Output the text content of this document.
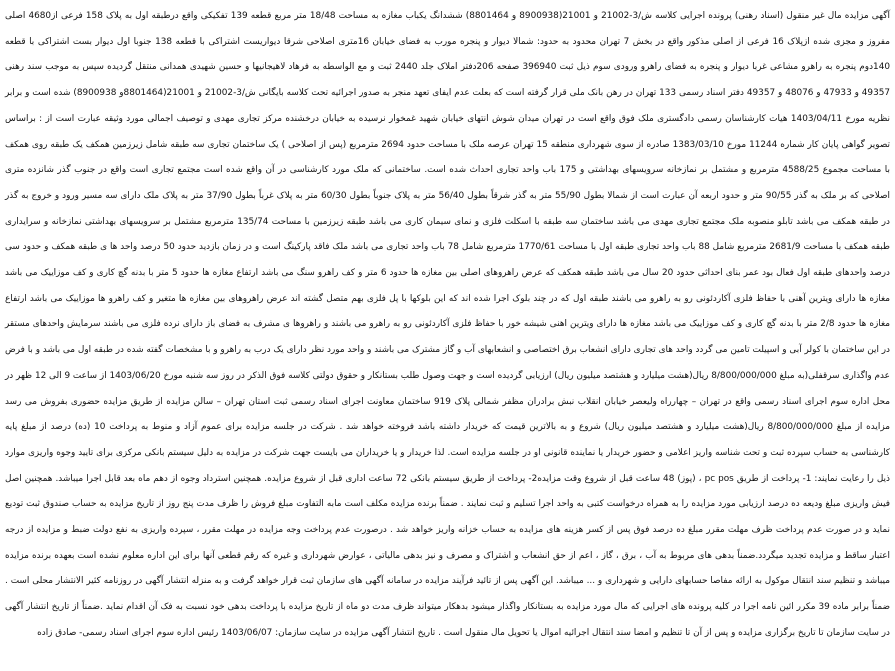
آگهی مزایده مال غیر منقول (اسناد رهنی) پرونده اجرایی کلاسه ش/3-21002 و 21001(8900938 و 8801464) ششدانگ یکباب مغازه به مساحت 18/48 متر مربع قطعه 139 تفکیکی واقع درطبقه اول به پلاک 158 فرعی از4680 اصلی مفروز و مجزی شده ازپلاک 16 فرعی از اصلی مذکور واقع در بخش 7 تهران محدود به حدود: شمالا دیوار و پنجره مورب به فضای خیابان 16متری اصلاحی شرقا دیواریست اشتراکی با قطعه 138 جنوبا اول دیوار بست اشتراکی با قطعه 140دوم پنجره به راهرو مشاعی غربا دیوار و پنجره به فضای راهرو ورودی سوم ذیل ثبت 396940 صفحه 206دفتر املاک جلد 2440 ثبت و مع الواسطه به فرهاد لاهیجانیها و حسین شهیدی همدانی منتقل گردیده سپس به موجب سند رهنی 49357 و 47933 و 48076 و 49357 دفتر اسناد رسمی 133 تهران در رهن بانک ملی قرار گرفته است که بعلت عدم ایفای تعهد منجر به صدور اجرائیه تحت کلاسه بایگانی ش/3-21002 و 21001(8801464و 8900938) شده است و برابر نظریه مورخ 1403/04/11 هیات کارشناسان رسمی دادگستری ملک فوق واقع است در تهران میدان شوش انتهای خیابان شهید غمخوار نرسیده به خیابان درخشنده مرکز تجاری مهدی و توصیف اجمالی مورد وثیقه عبارت است از : براساس تصویر گواهی پایان کار شماره 11244 مورخ 1383/03/10 صادره از سوی شهرداری منطقه 15 تهران عرصه ملک با مساحت حدود 2694 مترمربع (پس از اصلاحی ) یک ساختمان تجاری سه طبقه شامل زیرزمین همکف یک طبقه روی همکف با مساحت مجموع 4588/25 مترمربع و مشتمل بر نمازخانه سرویسهای بهداشتی و 175 باب واحد تجاری احداث شده است. ساختمانی که ملک مورد کارشناسی در آن واقع شده است مجتمع تجاری است واقع در جنوب گذر شانزده متری اصلاحی که بر ملک به گذر 90/55 متر و حدود اربعه آن عبارت است از شمالا بطول 55/90 متر به گذر شرقاً بطول 56/40 متر به پلاک جنوباً بطول 60/30 متر به پلاک غرباً بطول 37/90 متر به پلاک ملک دارای سه مسیر ورود و خروج به گذر در طبقه همکف می باشد تابلو منصوبه ملک مجتمع تجاری مهدی می باشد ساختمان سه طبقه با اسکلت فلزی و نمای سیمان کاری می باشد طبقه زیرزمین با مساحت 135/74 مترمربع مشتمل بر سرویسهای بهداشتی نمازخانه و سرایداری طبقه همکف با مساحت 2681/9 مترمربع شامل 88 باب واحد تجاری طبقه اول با مساحت 1770/61 مترمربع شامل 78 باب واحد تجاری می باشد ملک فاقد پارکینگ است و در زمان بازدید حدود 50 درصد واحد ها ی طبقه همکف و حدود سی درصد واحدهای طبقه اول فعال بود عمر بنای احداثی حدود 20 سال می باشد طبقه همکف که عرض راهروهای اصلی بین مغازه ها حدود 6 متر و کف راهرو سنگ می باشد ارتفاع مغازه ها حدود 5 متر با بدنه گچ کاری و کف موزاییک می باشد مغازه ها دارای ویترین آهنی با حفاظ فلزی آکاردئونی رو به راهرو می باشند طبقه اول که در چند بلوک اجرا شده اند که این بلوکها با پل فلزی بهم متصل گشته اند عرض راهروهای بین مغازه ها متغیر و کف راهرو ها موزاییک می باشد ارتفاع مغازه ها حدود 2/8 متر با بدنه گچ کاری و کف موزاییک می باشد مغازه ها دارای ویترین اهنی شیشه خور با حفاظ فلزی آکاردئونی رو به راهرو می باشند و راهروها ی مشرف به فضای باز دارای نرده فلزی می باشند سرمایش واحدهای مستقر در این ساختمان با کولر آبی و اسپیلت تامین می گردد واحد های تجاری دارای انشعاب برق اختصاصی و انشعابهای آب و گاز مشترک می باشند و واحد مورد نظر دارای یک درب به راهرو و با مشخصات گفته شده در طبقه اول می باشد و با فرض عدم واگذاری سرقفلی(به مبلغ 8/800/000/000 ریال(هشت میلیارد و هشتصد میلیون ریال) ارزیابی گردیده است و جهت وصول طلب بستانکار و حقوق دولتی کلاسه فوق الذکر در روز سه شنبه مورخ 1403/06/20 از ساعت 9 الی 12 ظهر در محل اداره سوم اجرای اسناد رسمی واقع در تهران – چهارراه ولیعصر خیابان انقلاب نبش برادران مظفر شمالی پلاک 919 ساختمان معاونت اجرای اسناد رسمی ثبت استان تهران – سالن مزایده از طریق مزایده حضوری بفروش می رسد مزایده از مبلغ 8/800/000/000 ریال(هشت میلیارد و هشتصد میلیون ریال) شروع و به بالاترین قیمت که خریدار داشته باشد فروخته خواهد شد . شرکت در جلسه مزایده برای عموم آزاد و منوط به پرداخت 10 (ده) درصد از مبلغ پایه کارشناسی به حساب سپرده ثبت و تحت شناسه واریز اعلامی و حضور خریدار یا نماینده قانونی او در جلسه مزایده است. لذا خریدار و یا خریداران می بایست جهت شرکت در مزایده به دلیل سیستم بانکی مرکزی برای تایید وجوه واریزی موارد ذیل را رعایت نمایند: 1- پرداخت از طریق pc pos ، (پوز) 48 ساعت قبل از شروع وقت مزایده2- پرداخت از طریق سیستم بانکی 72 ساعت اداری قبل از شروع مزایده. همچنین استرداد وجوه از دهم ماه بعد قابل اجرا میباشد. همچنین اصل فیش واریزی مبلغ ودیعه ده درصد ارزیابی مورد مزایده را به همراه درخواست کتبی به واحد اجرا تسلیم و ثبت نمایند . ضمناً برنده مزایده مکلف است مابه التفاوت مبلغ فروش را ظرف مدت پنج روز از تاریخ مزایده به حساب صندوق ثبت تودیع نماید و در صورت عدم پرداخت ظرف مهلت مقرر مبلغ ده درصد فوق پس از کسر هزینه های مزایده به حساب خزانه واریز خواهد شد . درصورت عدم پرداخت وجه مزایده در مهلت مقرر ، سپرده واریزی به نفع دولت ضبط و مزایده از درجه اعتبار ساقط و مزایده تجدید میگردد.ضمناً بدهی های مربوط به آب ، برق ، گاز ، اعم از حق انشعاب و اشتراک و مصرف و نیز بدهی مالیاتی ، عوارض شهرداری و غیره که رقم قطعی آنها برای این اداره معلوم نشده است بعهده برنده مزایده میباشد و تنظیم سند انتقال موکول به ارائه مفاصا حسابهای دارایی و شهرداری و ... میباشد. این آگهی پس از تائید فرآیند مزایده در سامانه آگهی های سازمان ثبت قرار خواهد گرفت و به منزله انتشار آگهی در روزنامه کثیر الانتشار محلی است . ضمناً برابر ماده 39 مکرر ائین نامه اجرا در کلیه پرونده های اجرایی که مال مورد مزایده به بستانکار واگذار میشود بدهکار میتواند ظرف مدت دو ماه از تاریخ مزایده با پرداخت بدهی خود نسبت به فک آن اقدام نماید .ضمناً از تاریخ انتشار آگهی در سایت سازمان تا تاریخ برگزاری مزایده و پس از آن تا تنظیم و امضا سند انتقال اجرائیه اموال یا تحویل مال منقول است . تاریخ انتشار آگهی مزایده در سایت سازمان: 1403/06/07 رئیس اداره سوم اجرای اسناد رسمی- صادق زاده
